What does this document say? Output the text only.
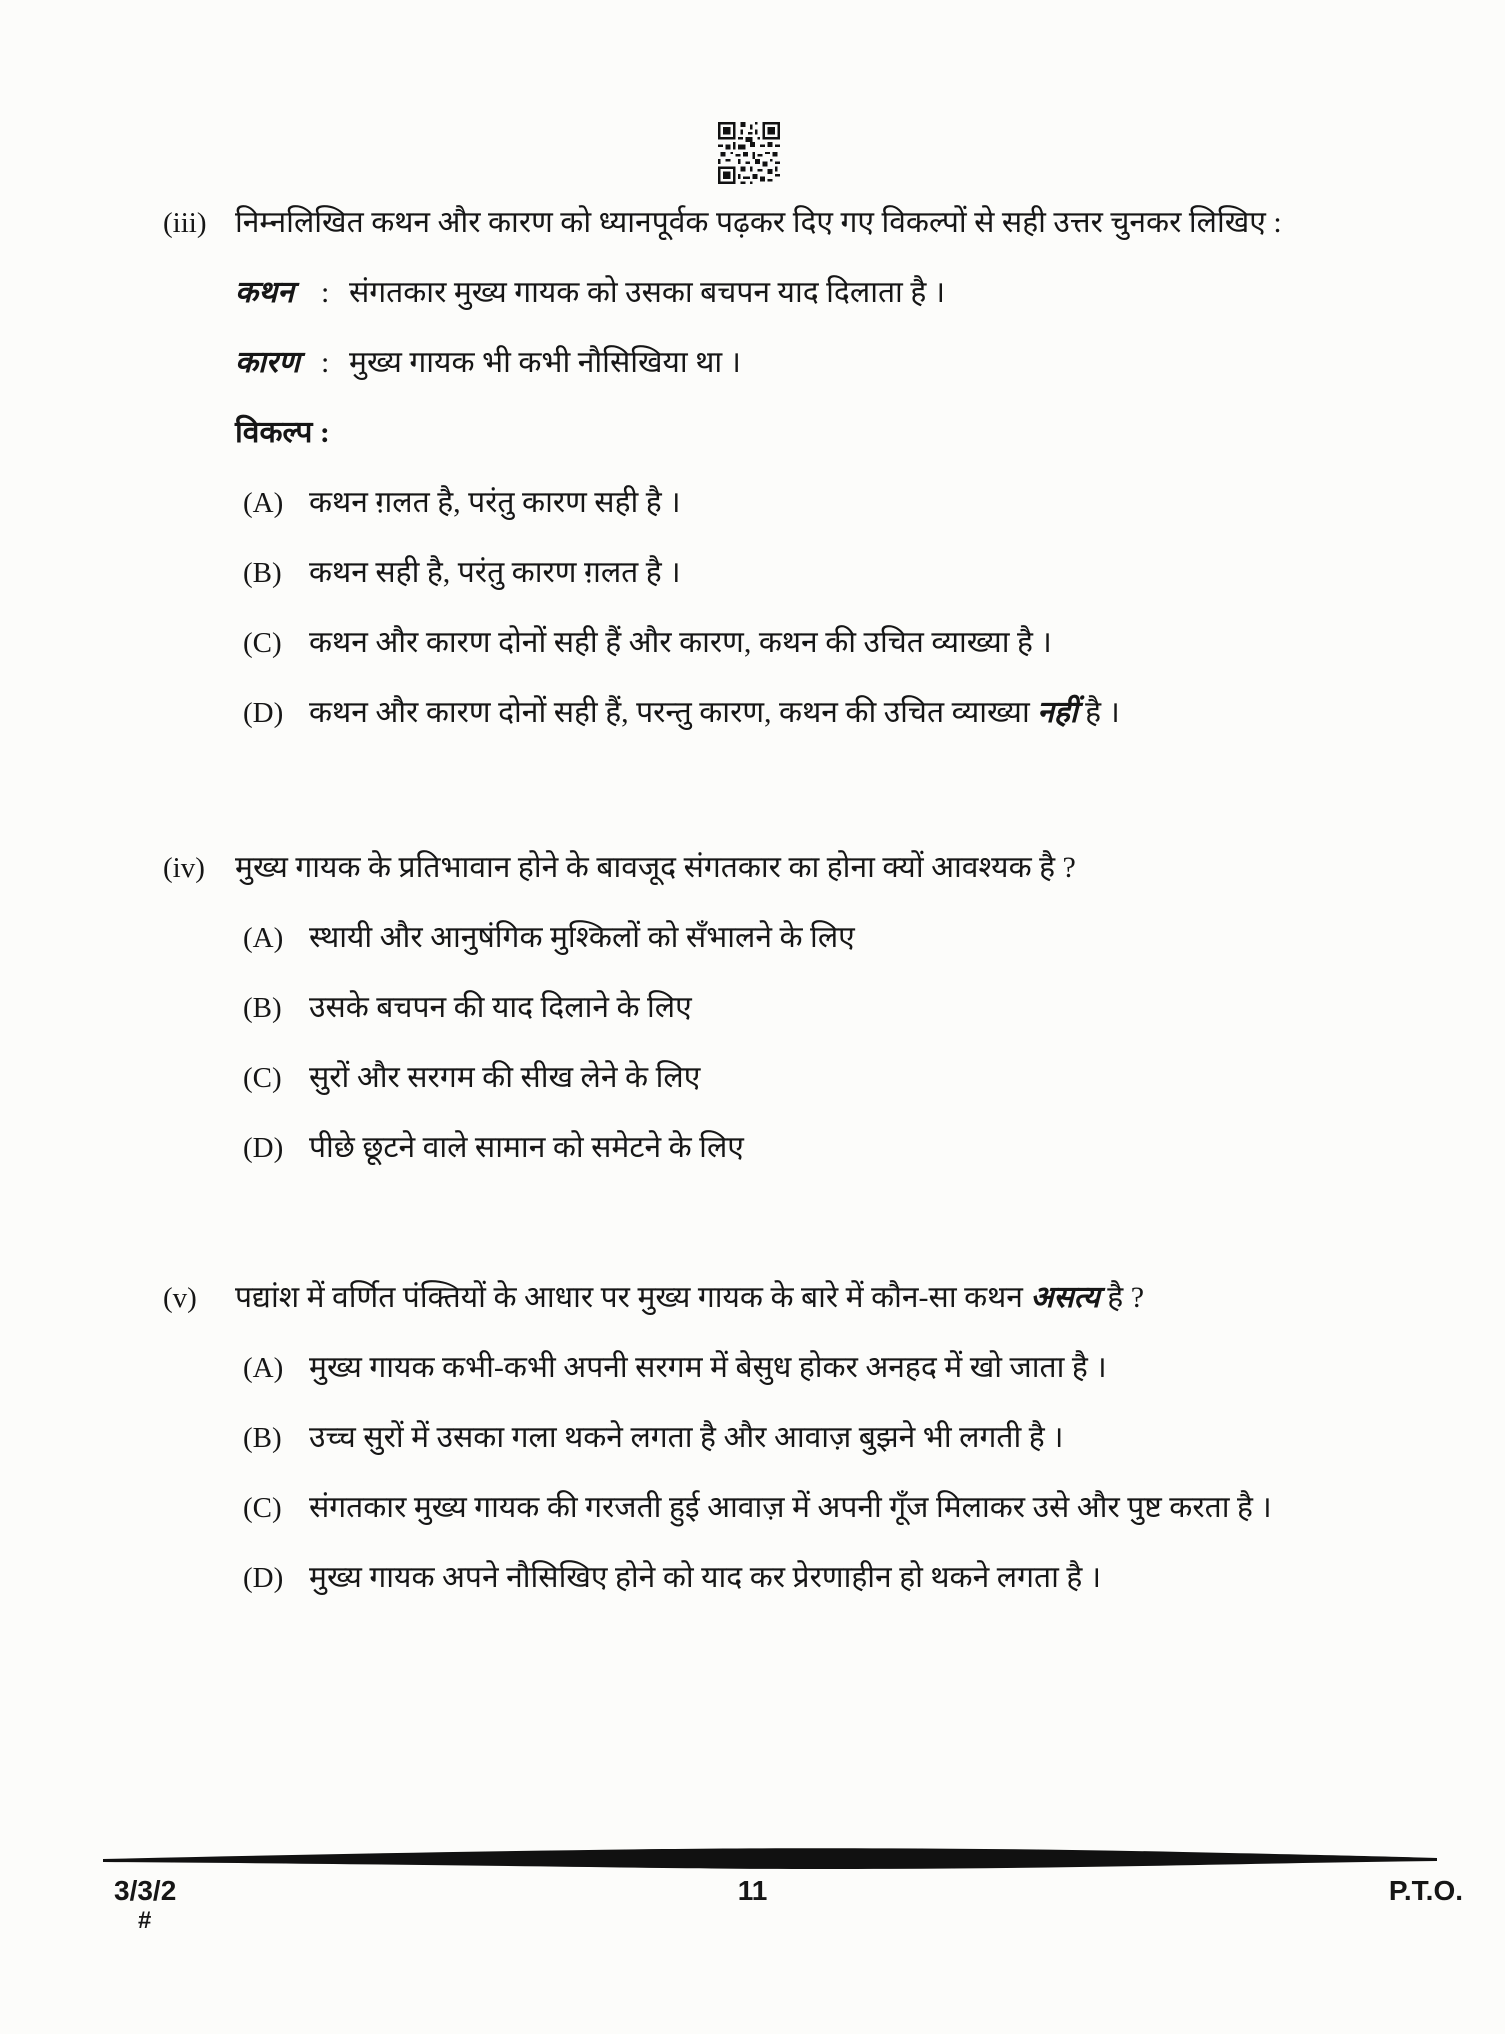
(iii) निम्नलिखित कथन और कारण को ध्यानपूर्वक पढ़कर दिए गए विकल्पों से सही उत्तर चुनकर लिखिए :
कथन : संगतकार मुख्य गायक को उसका बचपन याद दिलाता है ।
कारण : मुख्य गायक भी कभी नौसिखिया था ।
विकल्प :
(A) कथन ग़लत है, परंतु कारण सही है ।
(B) कथन सही है, परंतु कारण ग़लत है ।
(C) कथन और कारण दोनों सही हैं और कारण, कथन की उचित व्याख्या है ।
(D) कथन और कारण दोनों सही हैं, परन्तु कारण, कथन की उचित व्याख्या नहीं है ।
(iv)	मुख्य गायक के प्रतिभावान होने के बावजूद संगतकार का होना क्यों आवश्यक है ?
(A) स्थायी और आनुषंगिक मुश्किलों को सँभालने के लिए
(B) उसके बचपन की याद दिलाने के लिए
(C) सुरों और सरगम की सीख लेने के लिए
(D) पीछे छूटने वाले सामान को समेटने के लिए
(v)	पद्यांश में वर्णित पंक्तियों के आधार पर मुख्य गायक के बारे में कौन-सा कथन असत्य है ?
(A) मुख्य गायक कभी-कभी अपनी सरगम में बेसुध होकर अनहद में खो जाता है ।
(B) उच्च सुरों में उसका गला थकने लगता है और आवाज़ बुझने भी लगती है ।
(C) संगतकार मुख्य गायक की गरजती हुई आवाज़ में अपनी गूँज मिलाकर उसे और पुष्ट करता है ।
(D) मुख्य गायक अपने नौसिखिए होने को याद कर प्रेरणाहीन हो थकने लगता है ।
3/3/2
#
11	P.T.O.
